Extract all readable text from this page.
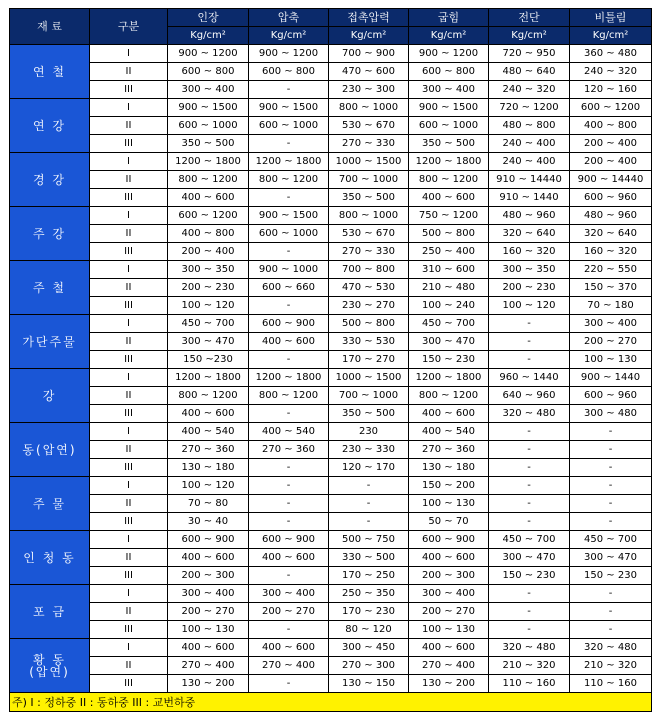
재 료	구분	인장	압축	접촉압력	굽힘	전단	비틀림
		Kg/cm²	Kg/cm²	Kg/cm²	Kg/cm²	Kg/cm²	Kg/cm²
연 철	I	900 ~ 1200	900 ~ 1200	700 ~ 900	900 ~ 1200	720 ~ 950	360 ~ 480
	II	600 ~ 800	600 ~ 800	470 ~ 600	600 ~ 800	480 ~ 640	240 ~ 320
	III	300 ~ 400	-	230 ~ 300	300 ~ 400	240 ~ 320	120 ~ 160
연 강	I	900 ~ 1500	900 ~ 1500	800 ~ 1000	900 ~ 1500	720 ~ 1200	600 ~ 1200
	II	600 ~ 1000	600 ~ 1000	530 ~ 670	600 ~ 1000	480 ~ 800	400 ~ 800
	III	350 ~ 500	-	270 ~ 330	350 ~ 500	240 ~ 400	200 ~ 400
경 강	I	1200 ~ 1800	1200 ~ 1800	1000 ~ 1500	1200 ~ 1800	240 ~ 400	200 ~ 400
	II	800 ~ 1200	800 ~ 1200	700 ~ 1000	800 ~ 1200	910 ~ 14440	900 ~ 14440
	III	400 ~ 600	-	350 ~ 500	400 ~ 600	910 ~ 1440	600 ~ 960
주 강	I	600 ~ 1200	900 ~ 1500	800 ~ 1000	750 ~ 1200	480 ~ 960	480 ~ 960
	II	400 ~ 800	600 ~ 1000	530 ~ 670	500 ~ 800	320 ~ 640	320 ~ 640
	III	200 ~ 400	-	270 ~ 330	250 ~ 400	160 ~ 320	160 ~ 320
주 철	I	300 ~ 350	900 ~ 1000	700 ~ 800	310 ~ 600	300 ~ 350	220 ~ 550
	II	200 ~ 230	600 ~ 660	470 ~ 530	210 ~ 480	200 ~ 230	150 ~ 370
	III	100 ~ 120	-	230 ~ 270	100 ~ 240	100 ~ 120	70 ~ 180
가단주물	I	450 ~ 700	600 ~ 900	500 ~ 800	450 ~ 700	-	300 ~ 400
	II	300 ~ 470	400 ~ 600	330 ~ 530	300 ~ 470	-	200 ~ 270
	III	150 ~230	-	170 ~ 270	150 ~ 230	-	100 ~ 130
강	I	1200 ~ 1800	1200 ~ 1800	1000 ~ 1500	1200 ~ 1800	960 ~ 1440	900 ~ 1440
	II	800 ~ 1200	800 ~ 1200	700 ~ 1000	800 ~ 1200	640 ~ 960	600 ~ 960
	III	400 ~ 600	-	350 ~ 500	400 ~ 600	320 ~ 480	300 ~ 480
동(압연)	I	400 ~ 540	400 ~ 540	230	400 ~ 540	-	-
	II	270 ~ 360	270 ~ 360	230 ~ 330	270 ~ 360	-	-
	III	130 ~ 180	-	120 ~ 170	130 ~ 180	-	-
주 물	I	100 ~ 120	-	-	150 ~ 200	-	-
	II	70 ~ 80	-	-	100 ~ 130	-	-
	III	30 ~ 40	-	-	50 ~ 70	-	-
인 청 동	I	600 ~ 900	600 ~ 900	500 ~ 750	600 ~ 900	450 ~ 700	450 ~ 700
	II	400 ~ 600	400 ~ 600	330 ~ 500	400 ~ 600	300 ~ 470	300 ~ 470
	III	200 ~ 300	-	170 ~ 250	200 ~ 300	150 ~ 230	150 ~ 230
포 금	I	300 ~ 400	300 ~ 400	250 ~ 350	300 ~ 400	-	-
	II	200 ~ 270	200 ~ 270	170 ~ 230	200 ~ 270	-	-
	III	100 ~ 130	-	80 ~ 120	100 ~ 130	-	-
황 동
(압연)	I	400 ~ 600	400 ~ 600	300 ~ 450	400 ~ 600	320 ~ 480	320 ~ 480
	II	270 ~ 400	270 ~ 400	270 ~ 300	270 ~ 400	210 ~ 320	210 ~ 320
	III	130 ~ 200	-	130 ~ 150	130 ~ 200	110 ~ 160	110 ~ 160
주) I : 정하중 II : 동하중 III : 교번하중							
